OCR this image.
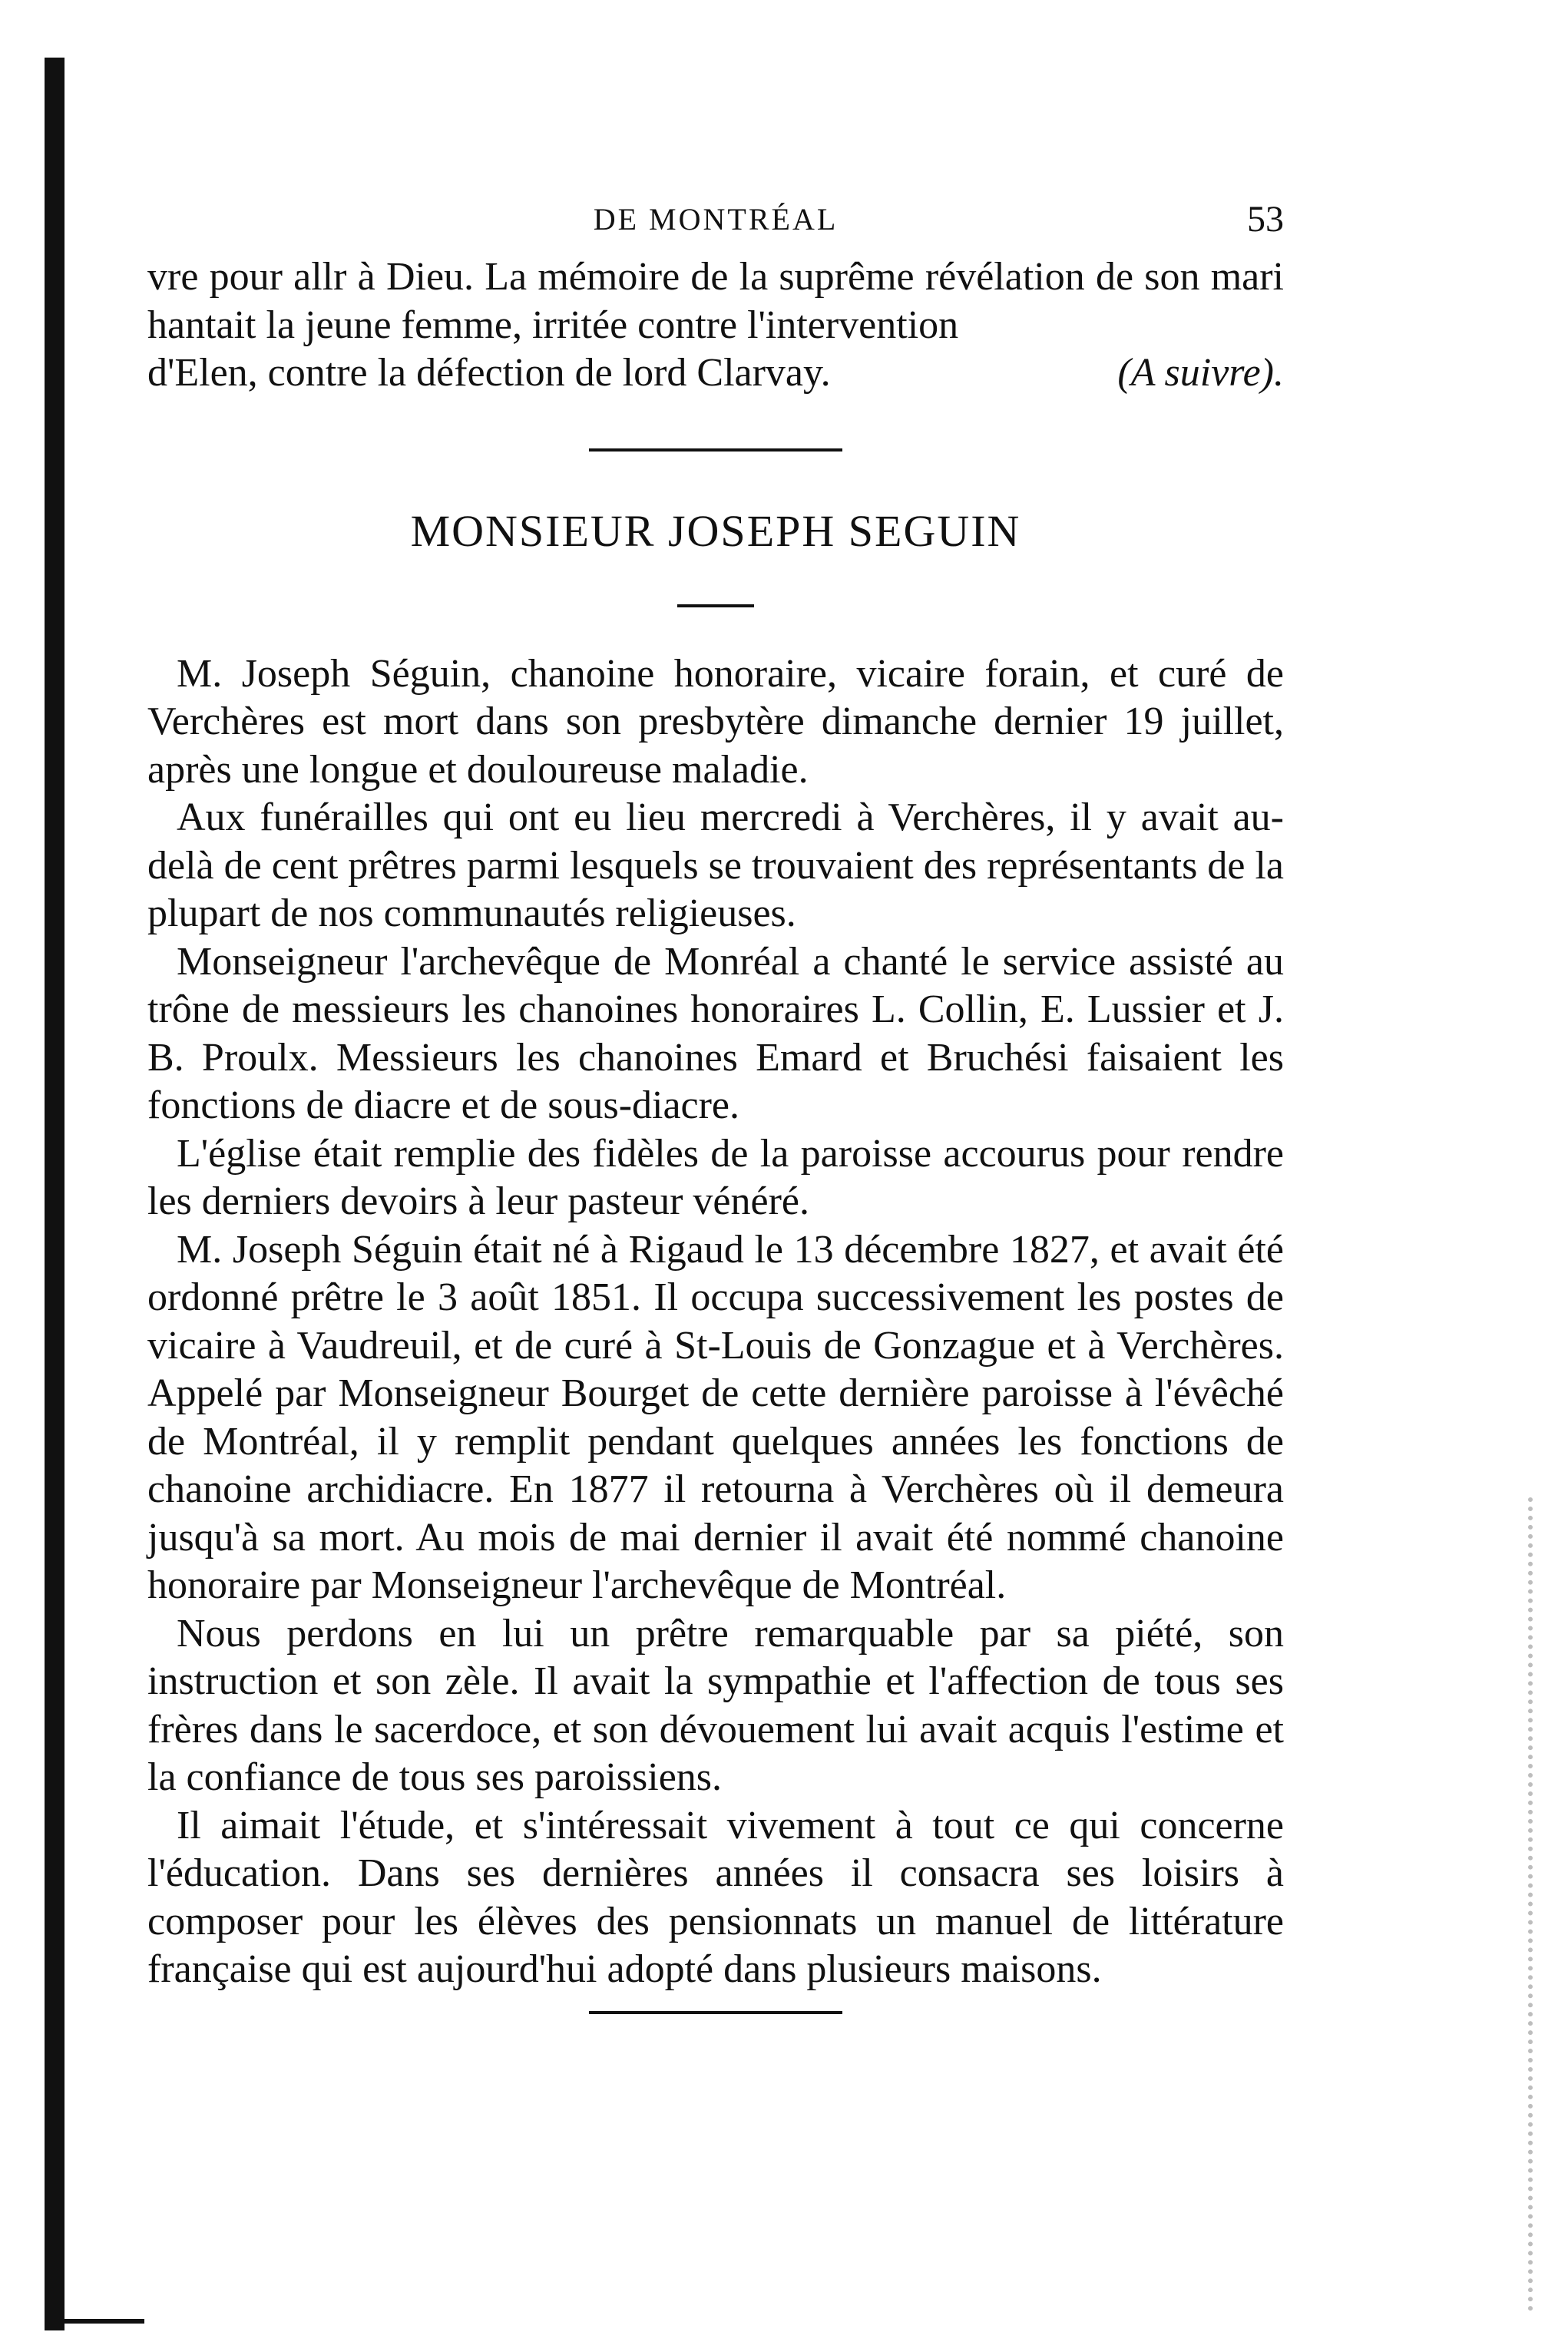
DE MONTRÉAL	53

vre pour allr à Dieu. La mémoire de la suprême révélation de son mari hantait la jeune femme, irritée contre l'intervention

d'Elen, contre la défection de lord Clarvay.	(A suivre).
MONSIEUR JOSEPH SEGUIN

M. Joseph Séguin, chanoine honoraire, vicaire forain, et curé de Verchères est mort dans son presbytère dimanche dernier 19 juillet, après une longue et douloureuse maladie.

Aux funérailles qui ont eu lieu mercredi à Verchères, il y avait au-delà de cent prêtres parmi lesquels se trouvaient des représentants de la plupart de nos communautés religieuses.

Monseigneur l'archevêque de Monréal a chanté le service assisté au trône de messieurs les chanoines honoraires L. Collin, E. Lussier et J. B. Proulx. Messieurs les chanoines Emard et Bruchési faisaient les fonctions de diacre et de sous-diacre.

L'église était remplie des fidèles de la paroisse accourus pour rendre les derniers devoirs à leur pasteur vénéré.

M. Joseph Séguin était né à Rigaud le 13 décembre 1827, et avait été ordonné prêtre le 3 août 1851. Il occupa successivement les postes de vicaire à Vaudreuil, et de curé à St-Louis de Gonzague et à Verchères. Appelé par Monseigneur Bourget de cette dernière paroisse à l'évêché de Montréal, il y remplit pendant quelques années les fonctions de chanoine archidiacre. En 1877 il retourna à Verchères où il demeura jusqu'à sa mort. Au mois de mai dernier il avait été nommé chanoine honoraire par Monseigneur l'archevêque de Montréal.

Nous perdons en lui un prêtre remarquable par sa piété, son instruction et son zèle. Il avait la sympathie et l'affection de tous ses frères dans le sacerdoce, et son dévouement lui avait acquis l'estime et la confiance de tous ses paroissiens.

Il aimait l'étude, et s'intéressait vivement à tout ce qui concerne l'éducation. Dans ses dernières années il consacra ses loisirs à composer pour les élèves des pensionnats un manuel de littérature française qui est aujourd'hui adopté dans plusieurs maisons.
